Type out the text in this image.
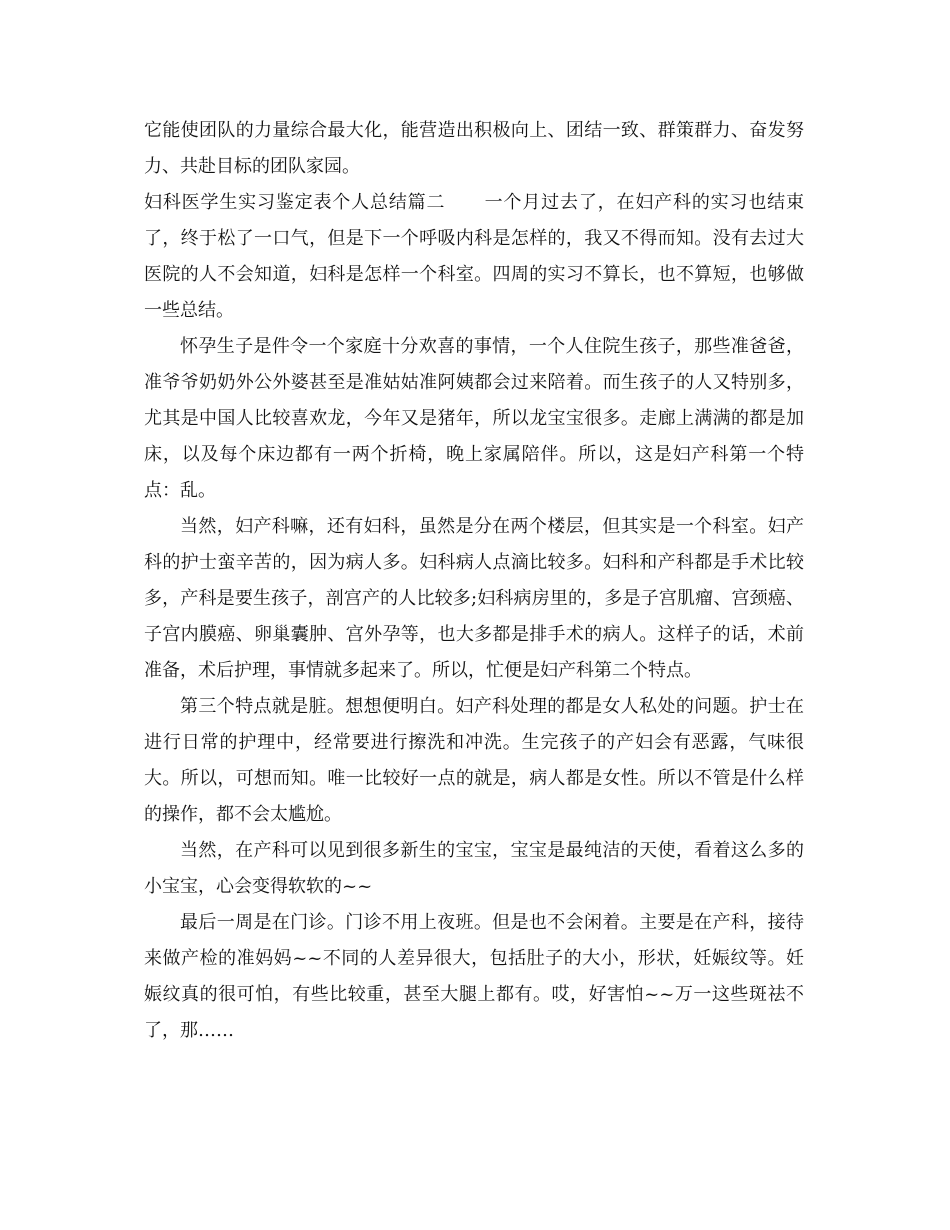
它能使团队的力量综合最大化，能营造出积极向上、团结一致、群策群力、奋发努力、共赴目标的团队家园。

妇科医学生实习鉴定表个人总结篇二 一个月过去了，在妇产科的实习也结束了，终于松了一口气，但是下一个呼吸内科是怎样的，我又不得而知。没有去过大医院的人不会知道，妇科是怎样一个科室。四周的实习不算长，也不算短，也够做一些总结。

怀孕生子是件令一个家庭十分欢喜的事情，一个人住院生孩子，那些准爸爸，准爷爷奶奶外公外婆甚至是准姑姑准阿姨都会过来陪着。而生孩子的人又特别多，尤其是中国人比较喜欢龙，今年又是猪年，所以龙宝宝很多。走廊上满满的都是加床，以及每个床边都有一两个折椅，晚上家属陪伴。所以，这是妇产科第一个特点：乱。

当然，妇产科嘛，还有妇科，虽然是分在两个楼层，但其实是一个科室。妇产科的护士蛮辛苦的，因为病人多。妇科病人点滴比较多。妇科和产科都是手术比较多，产科是要生孩子，剖宫产的人比较多;妇科病房里的，多是子宫肌瘤、宫颈癌、子宫内膜癌、卵巢囊肿、宫外孕等，也大多都是排手术的病人。这样子的话，术前准备，术后护理，事情就多起来了。所以，忙便是妇产科第二个特点。

第三个特点就是脏。想想便明白。妇产科处理的都是女人私处的问题。护士在进行日常的护理中，经常要进行擦洗和冲洗。生完孩子的产妇会有恶露，气味很大。所以，可想而知。唯一比较好一点的就是，病人都是女性。所以不管是什么样的操作，都不会太尴尬。

当然，在产科可以见到很多新生的宝宝，宝宝是最纯洁的天使，看着这么多的小宝宝，心会变得软软的~~

最后一周是在门诊。门诊不用上夜班。但是也不会闲着。主要是在产科，接待来做产检的准妈妈~~不同的人差异很大，包括肚子的大小，形状，妊娠纹等。妊娠纹真的很可怕，有些比较重，甚至大腿上都有。哎，好害怕~~万一这些斑祛不了，那……
